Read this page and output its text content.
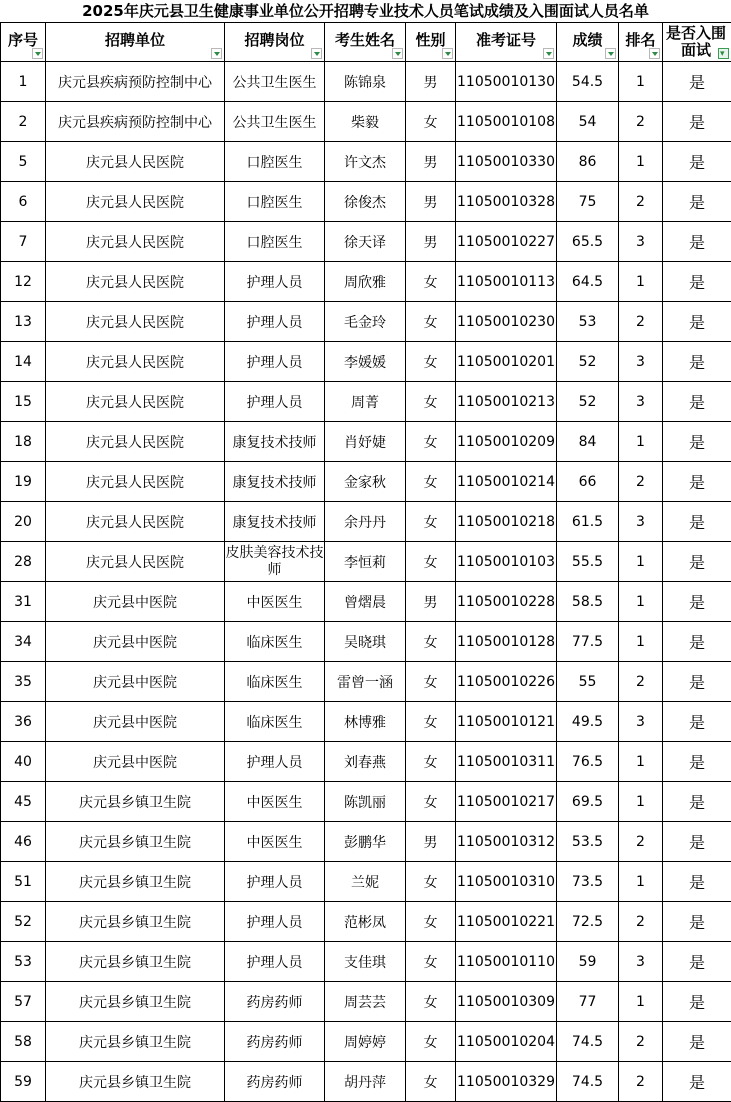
2025年庆元县卫生健康事业单位公开招聘专业技术人员笔试成绩及入围面试人员名单
序号	招聘单位	招聘岗位	考生姓名	性别	准考证号	成绩	排名	是否入围面试
▾

1	庆元县疾病预防控制中心	公共卫生医生	陈锦泉	男	11050010130	54.5	1	是
2	庆元县疾病预防控制中心	公共卫生医生	柴毅	女	11050010108	54	2	是
5	庆元县人民医院	口腔医生	许文杰	男	11050010330	86	1	是
6	庆元县人民医院	口腔医生	徐俊杰	男	11050010328	75	2	是
7	庆元县人民医院	口腔医生	徐天译	男	11050010227	65.5	3	是
12	庆元县人民医院	护理人员	周欣雅	女	11050010113	64.5	1	是
13	庆元县人民医院	护理人员	毛金玲	女	11050010230	53	2	是
14	庆元县人民医院	护理人员	李媛媛	女	11050010201	52	3	是
15	庆元县人民医院	护理人员	周菁	女	11050010213	52	3	是
18	庆元县人民医院	康复技术技师	肖妤婕	女	11050010209	84	1	是
19	庆元县人民医院	康复技术技师	金家秋	女	11050010214	66	2	是
20	庆元县人民医院	康复技术技师	余丹丹	女	11050010218	61.5	3	是
28	庆元县人民医院	皮肤美容技术技师	李恒莉	女	11050010103	55.5	1	是
31	庆元县中医院	中医医生	曾熠晨	男	11050010228	58.5	1	是
34	庆元县中医院	临床医生	吴晓琪	女	11050010128	77.5	1	是
35	庆元县中医院	临床医生	雷曾一涵	女	11050010226	55	2	是
36	庆元县中医院	临床医生	林博雅	女	11050010121	49.5	3	是
40	庆元县中医院	护理人员	刘春燕	女	11050010311	76.5	1	是
45	庆元县乡镇卫生院	中医医生	陈凯丽	女	11050010217	69.5	1	是
46	庆元县乡镇卫生院	中医医生	彭鹏华	男	11050010312	53.5	2	是
51	庆元县乡镇卫生院	护理人员	兰妮	女	11050010310	73.5	1	是
52	庆元县乡镇卫生院	护理人员	范彬凤	女	11050010221	72.5	2	是
53	庆元县乡镇卫生院	护理人员	支佳琪	女	11050010110	59	3	是
57	庆元县乡镇卫生院	药房药师	周芸芸	女	11050010309	77	1	是
58	庆元县乡镇卫生院	药房药师	周婷婷	女	11050010204	74.5	2	是
59	庆元县乡镇卫生院	药房药师	胡丹萍	女	11050010329	74.5	2	是
